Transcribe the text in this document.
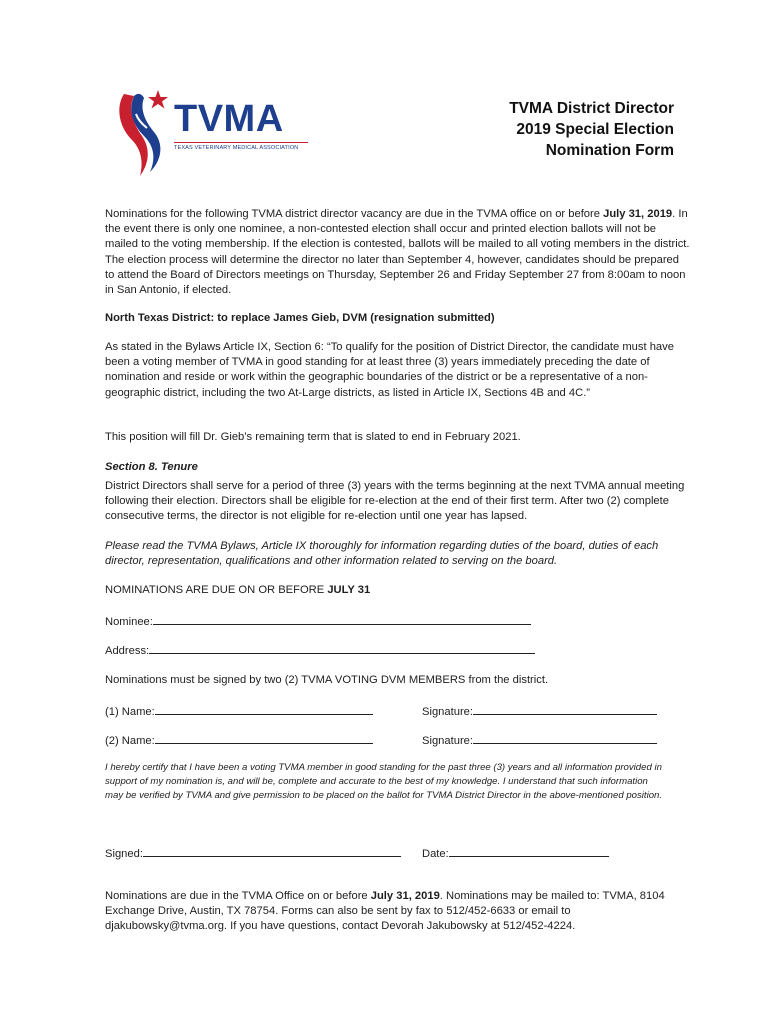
TVMA
TEXAS VETERINARY MEDICAL ASSOCIATION
TVMA District Director
2019 Special Election
Nomination Form
Nominations for the following TVMA district director vacancy are due in the TVMA office on or before July 31, 2019. In the event there is only one nominee, a non-contested election shall occur and printed election ballots will not be mailed to the voting membership. If the election is contested, ballots will be mailed to all voting members in the district. The election process will determine the director no later than September 4, however, candidates should be prepared to attend the Board of Directors meetings on Thursday, September 26 and Friday September 27 from 8:00am to noon in San Antonio, if elected.
North Texas District: to replace James Gieb, DVM (resignation submitted)
As stated in the Bylaws Article IX, Section 6: “To qualify for the position of District Director, the candidate must have been a voting member of TVMA in good standing for at least three (3) years immediately preceding the date of nomination and reside or work within the geographic boundaries of the district or be a representative of a non-geographic district, including the two At-Large districts, as listed in Article IX, Sections 4B and 4C.”
This position will fill Dr. Gieb’s remaining term that is slated to end in February 2021.
Section 8. Tenure
District Directors shall serve for a period of three (3) years with the terms beginning at the next TVMA annual meeting following their election. Directors shall be eligible for re-election at the end of their first term. After two (2) complete consecutive terms, the director is not eligible for re-election until one year has lapsed.
Please read the TVMA Bylaws, Article IX thoroughly for information regarding duties of the board, duties of each director, representation, qualifications and other information related to serving on the board.
NOMINATIONS ARE DUE ON OR BEFORE JULY 31
Nominee:
Address:
Nominations must be signed by two (2) TVMA VOTING DVM MEMBERS from the district.
(1) Name:	Signature:
(2) Name:	Signature:
I hereby certify that I have been a voting TVMA member in good standing for the past three (3) years and all information provided in support of my nomination is, and will be, complete and accurate to the best of my knowledge. I understand that such information may be verified by TVMA and give permission to be placed on the ballot for TVMA District Director in the above-mentioned position.
Signed:	Date:
Nominations are due in the TVMA Office on or before July 31, 2019. Nominations may be mailed to: TVMA, 8104 Exchange Drive, Austin, TX 78754. Forms can also be sent by fax to 512/452-6633 or email to djakubowsky@tvma.org. If you have questions, contact Devorah Jakubowsky at 512/452-4224.
